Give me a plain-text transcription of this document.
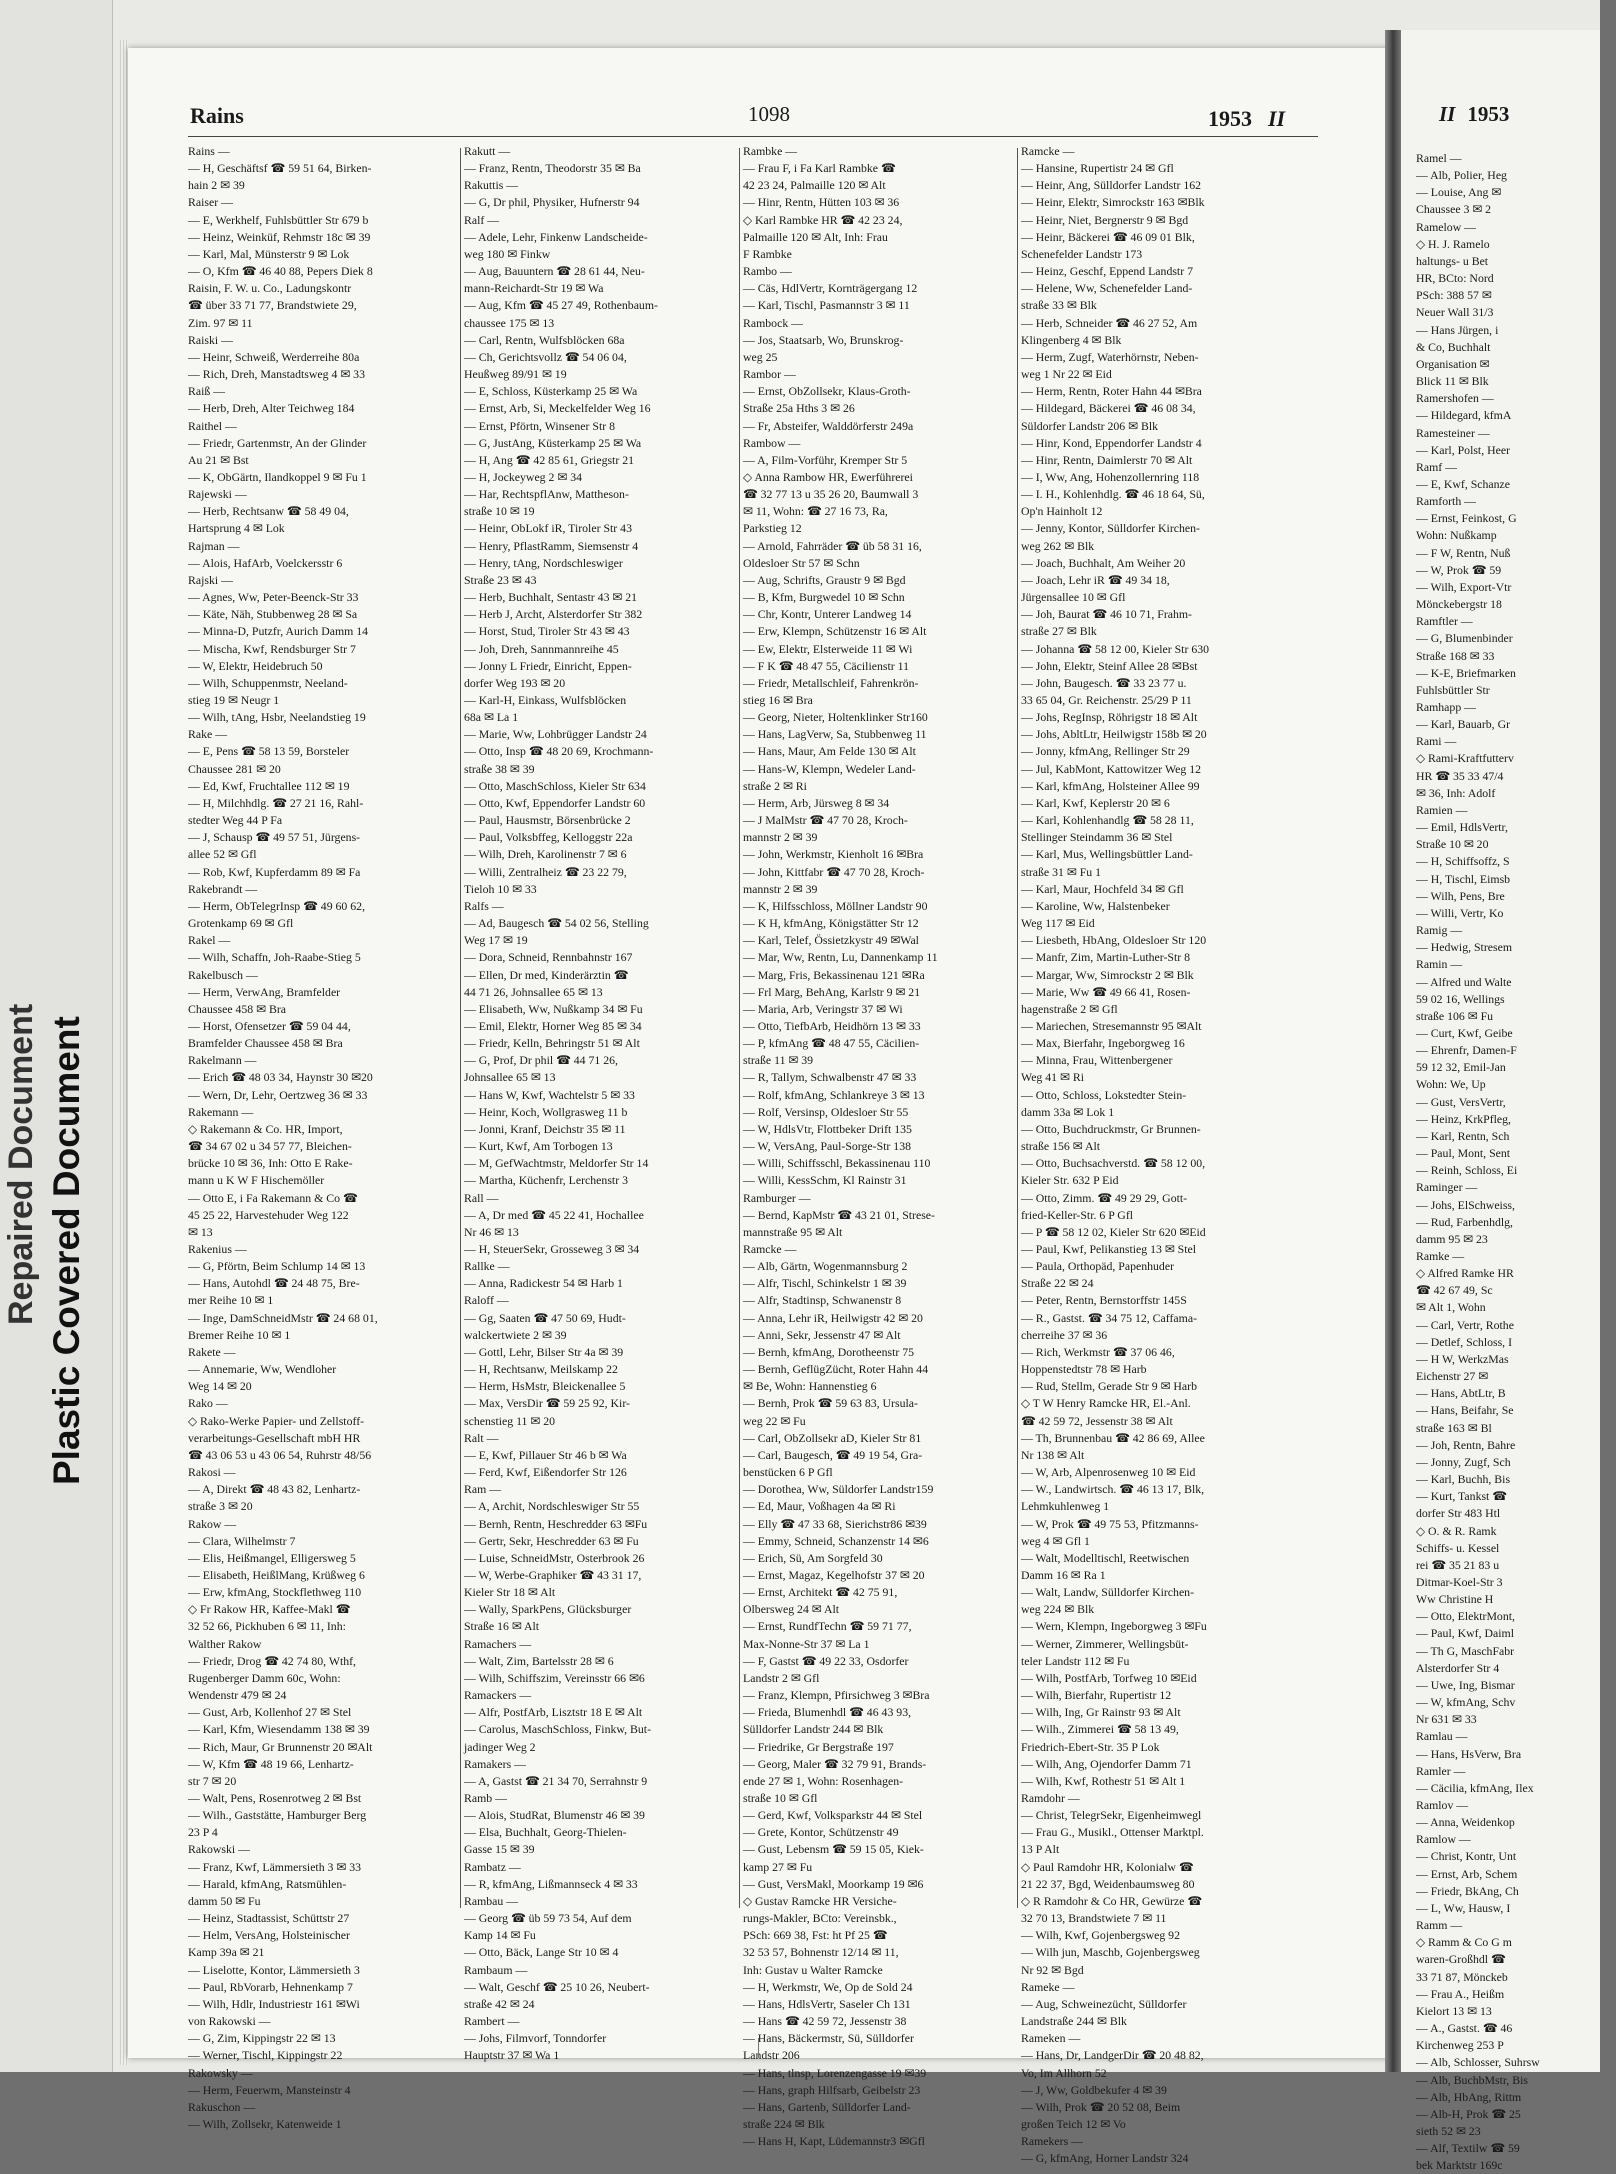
Repaired Document Plastic Covered Document
Rains	1098	1953 II
Rains —
— H, Geschäftsf ☎ 59 51 64, Birken-
hain 2 ✉ 39
Raiser —
— E, Werkhelf, Fuhlsbüttler Str 679 b
— Heinz, Weinküf, Rehmstr 18c ✉ 39
— Karl, Mal, Münsterstr 9 ✉ Lok
— O, Kfm ☎ 46 40 88, Pepers Diek 8
Raisin, F. W. u. Co., Ladungskontr
☎ über 33 71 77, Brandstwiete 29,
Zim. 97 ✉ 11
Raiski —
— Heinr, Schweiß, Werderreihe 80a
— Rich, Dreh, Manstadtsweg 4 ✉ 33
Raiß —
— Herb, Dreh, Alter Teichweg 184
Raithel —
— Friedr, Gartenmstr, An der Glinder
Au 21 ✉ Bst
— K, ObGärtn, Ilandkoppel 9 ✉ Fu 1
Rajewski —
— Herb, Rechtsanw ☎ 58 49 04,
Hartsprung 4 ✉ Lok
Rajman —
— Alois, HafArb, Voelckersstr 6
Rajski —
— Agnes, Ww, Peter-Beenck-Str 33
— Käte, Näh, Stubbenweg 28 ✉ Sa
— Minna-D, Putzfr, Aurich Damm 14
— Mischa, Kwf, Rendsburger Str 7
— W, Elektr, Heidebruch 50
— Wilh, Schuppenmstr, Neeland-
stieg 19 ✉ Neugr 1
— Wilh, tAng, Hsbr, Neelandstieg 19
Rake —
— E, Pens ☎ 58 13 59, Borsteler
Chaussee 281 ✉ 20
— Ed, Kwf, Fruchtallee 112 ✉ 19
— H, Milchhdlg. ☎ 27 21 16, Rahl-
stedter Weg 44 P Fa
— J, Schausp ☎ 49 57 51, Jürgens-
allee 52 ✉ Gfl
— Rob, Kwf, Kupferdamm 89 ✉ Fa
Rakebrandt —
— Herm, ObTelegrInsp ☎ 49 60 62,
Grotenkamp 69 ✉ Gfl
Rakel —
— Wilh, Schaffn, Joh-Raabe-Stieg 5
Rakelbusch —
— Herm, VerwAng, Bramfelder
Chaussee 458 ✉ Bra
— Horst, Ofensetzer ☎ 59 04 44,
Bramfelder Chaussee 458 ✉ Bra
Rakelmann —
— Erich ☎ 48 03 34, Haynstr 30 ✉20
— Wern, Dr, Lehr, Oertzweg 36 ✉ 33
Rakemann —
◇ Rakemann & Co. HR, Import,
☎ 34 67 02 u 34 57 77, Bleichen-
brücke 10 ✉ 36, Inh: Otto E Rake-
mann u K W F Hischemöller
— Otto E, i Fa Rakemann & Co ☎
45 25 22, Harvestehuder Weg 122
✉ 13
Rakenius —
— G, Pförtn, Beim Schlump 14 ✉ 13
— Hans, Autohdl ☎ 24 48 75, Bre-
mer Reihe 10 ✉ 1
— Inge, DamSchneidMstr ☎ 24 68 01,
Bremer Reihe 10 ✉ 1
Rakete —
— Annemarie, Ww, Wendloher
Weg 14 ✉ 20
Rako —
◇ Rako-Werke Papier- und Zellstoff-
verarbeitungs-Gesellschaft mbH HR
☎ 43 06 53 u 43 06 54, Ruhrstr 48/56
Rakosi —
— A, Direkt ☎ 48 43 82, Lenhartz-
straße 3 ✉ 20
Rakow —
— Clara, Wilhelmstr 7
— Elis, Heißmangel, Elligersweg 5
— Elisabeth, HeißlMang, Krüßweg 6
— Erw, kfmAng, Stockflethweg 110
◇ Fr Rakow HR, Kaffee-Makl ☎
32 52 66, Pickhuben 6 ✉ 11, Inh:
Walther Rakow
— Friedr, Drog ☎ 42 74 80, Wthf,
Rugenberger Damm 60c, Wohn:
Wendenstr 479 ✉ 24
— Gust, Arb, Kollenhof 27 ✉ Stel
— Karl, Kfm, Wiesendamm 138 ✉ 39
— Rich, Maur, Gr Brunnenstr 20 ✉Alt
— W, Kfm ☎ 48 19 66, Lenhartz-
str 7 ✉ 20
— Walt, Pens, Rosenrotweg 2 ✉ Bst
— Wilh., Gaststätte, Hamburger Berg
23 P 4
Rakowski —
— Franz, Kwf, Lämmersieth 3 ✉ 33
— Harald, kfmAng, Ratsmühlen-
damm 50 ✉ Fu
— Heinz, Stadtassist, Schüttstr 27
— Helm, VersAng, Holsteinischer
Kamp 39a ✉ 21
— Liselotte, Kontor, Lämmersieth 3
— Paul, RbVorarb, Hehnenkamp 7
— Wilh, Hdlr, Industriestr 161 ✉Wi
von Rakowski —
— G, Zim, Kippingstr 22 ✉ 13
— Werner, Tischl, Kippingstr 22
Rakowsky —
— Herm, Feuerwm, Mansteinstr 4
Rakuschon —
— Wilh, Zollsekr, Katenweide 1
Rakutt —
— Franz, Rentn, Theodorstr 35 ✉ Ba
Rakuttis —
— G, Dr phil, Physiker, Hufnerstr 94
Ralf —
— Adele, Lehr, Finkenw Landscheide-
weg 180 ✉ Finkw
— Aug, Bauuntern ☎ 28 61 44, Neu-
mann-Reichardt-Str 19 ✉ Wa
— Aug, Kfm ☎ 45 27 49, Rothenbaum-
chaussee 175 ✉ 13
— Carl, Rentn, Wulfsblöcken 68a
— Ch, Gerichtsvollz ☎ 54 06 04,
Heußweg 89/91 ✉ 19
— E, Schloss, Küsterkamp 25 ✉ Wa
— Ernst, Arb, Si, Meckelfelder Weg 16
— Ernst, Pförtn, Winsener Str 8
— G, JustAng, Küsterkamp 25 ✉ Wa
— H, Ang ☎ 42 85 61, Griegstr 21
— H, Jockeyweg 2 ✉ 34
— Har, RechtspflAnw, Mattheson-
straße 10 ✉ 19
— Heinr, ObLokf iR, Tiroler Str 43
— Henry, PflastRamm, Siemsenstr 4
— Henry, tAng, Nordschleswiger
Straße 23 ✉ 43
— Herb, Buchhalt, Sentastr 43 ✉ 21
— Herb J, Archt, Alsterdorfer Str 382
— Horst, Stud, Tiroler Str 43 ✉ 43
— Joh, Dreh, Sannmannreihe 45
— Jonny L Friedr, Einricht, Eppen-
dorfer Weg 193 ✉ 20
— Karl-H, Einkass, Wulfsblöcken
68a ✉ La 1
— Marie, Ww, Lohbrügger Landstr 24
— Otto, Insp ☎ 48 20 69, Krochmann-
straße 38 ✉ 39
— Otto, MaschSchloss, Kieler Str 634
— Otto, Kwf, Eppendorfer Landstr 60
— Paul, Hausmstr, Börsenbrücke 2
— Paul, Volksbffeg, Kelloggstr 22a
— Wilh, Dreh, Karolinenstr 7 ✉ 6
— Willi, Zentralheiz ☎ 23 22 79,
Tieloh 10 ✉ 33
Ralfs —
— Ad, Baugesch ☎ 54 02 56, Stelling
Weg 17 ✉ 19
— Dora, Schneid, Rennbahnstr 167
— Ellen, Dr med, Kinderärztin ☎
44 71 26, Johnsallee 65 ✉ 13
— Elisabeth, Ww, Nußkamp 34 ✉ Fu
— Emil, Elektr, Horner Weg 85 ✉ 34
— Friedr, Kelln, Behringstr 51 ✉ Alt
— G, Prof, Dr phil ☎ 44 71 26,
Johnsallee 65 ✉ 13
— Hans W, Kwf, Wachtelstr 5 ✉ 33
— Heinr, Koch, Wollgrasweg 11 b
— Jonni, Kranf, Deichstr 35 ✉ 11
— Kurt, Kwf, Am Torbogen 13
— M, GefWachtmstr, Meldorfer Str 14
— Martha, Küchenfr, Lerchenstr 3
Rall —
— A, Dr med ☎ 45 22 41, Hochallee
Nr 46 ✉ 13
— H, SteuerSekr, Grosseweg 3 ✉ 34
Rallke —
— Anna, Radickestr 54 ✉ Harb 1
Raloff —
— Gg, Saaten ☎ 47 50 69, Hudt-
walckertwiete 2 ✉ 39
— Gottl, Lehr, Bilser Str 4a ✉ 39
— H, Rechtsanw, Meilskamp 22
— Herm, HsMstr, Bleickenallee 5
— Max, VersDir ☎ 59 25 92, Kir-
schenstieg 11 ✉ 20
Ralt —
— E, Kwf, Pillauer Str 46 b ✉ Wa
— Ferd, Kwf, Eißendorfer Str 126
Ram —
— A, Archit, Nordschleswiger Str 55
— Bernh, Rentn, Heschredder 63 ✉Fu
— Gertr, Sekr, Heschredder 63 ✉ Fu
— Luise, SchneidMstr, Osterbrook 26
— W, Werbe-Graphiker ☎ 43 31 17,
Kieler Str 18 ✉ Alt
— Wally, SparkPens, Glücksburger
Straße 16 ✉ Alt
Ramachers —
— Walt, Zim, Bartelsstr 28 ✉ 6
— Wilh, Schiffszim, Vereinsstr 66 ✉6
Ramackers —
— Alfr, PostfArb, Lisztstr 18 E ✉ Alt
— Carolus, MaschSchloss, Finkw, But-
jadinger Weg 2
Ramakers —
— A, Gastst ☎ 21 34 70, Serrahnstr 9
Ramb —
— Alois, StudRat, Blumenstr 46 ✉ 39
— Elsa, Buchhalt, Georg-Thielen-
Gasse 15 ✉ 39
Rambatz —
— R, kfmAng, Lißmannseck 4 ✉ 33
Rambau —
— Georg ☎ üb 59 73 54, Auf dem
Kamp 14 ✉ Fu
— Otto, Bäck, Lange Str 10 ✉ 4
Rambaum —
— Walt, Geschf ☎ 25 10 26, Neubert-
straße 42 ✉ 24
Rambert —
— Johs, Filmvorf, Tonndorfer
Hauptstr 37 ✉ Wa 1
Rambke —
— Frau F, i Fa Karl Rambke ☎
42 23 24, Palmaille 120 ✉ Alt
— Hinr, Rentn, Hütten 103 ✉ 36
◇ Karl Rambke HR ☎ 42 23 24,
Palmaille 120 ✉ Alt, Inh: Frau
F Rambke
Rambo —
— Cäs, HdlVertr, Kornträgergang 12
— Karl, Tischl, Pasmannstr 3 ✉ 11
Rambock —
— Jos, Staatsarb, Wo, Brunskrog-
weg 25
Rambor —
— Ernst, ObZollsekr, Klaus-Groth-
Straße 25a Hths 3 ✉ 26
— Fr, Absteifer, Walddörferstr 249a
Rambow —
— A, Film-Vorführ, Kremper Str 5
◇ Anna Rambow HR, Ewerführerei
☎ 32 77 13 u 35 26 20, Baumwall 3
✉ 11, Wohn: ☎ 27 16 73, Ra,
Parkstieg 12
— Arnold, Fahrräder ☎ üb 58 31 16,
Oldesloer Str 57 ✉ Schn
— Aug, Schrifts, Graustr 9 ✉ Bgd
— B, Kfm, Burgwedel 10 ✉ Schn
— Chr, Kontr, Unterer Landweg 14
— Erw, Klempn, Schützenstr 16 ✉ Alt
— Ew, Elektr, Elsterweide 11 ✉ Wi
— F K ☎ 48 47 55, Cäcilienstr 11
— Friedr, Metallschleif, Fahrenkrön-
stieg 16 ✉ Bra
— Georg, Nieter, Holtenklinker Str160
— Hans, LagVerw, Sa, Stubbenweg 11
— Hans, Maur, Am Felde 130 ✉ Alt
— Hans-W, Klempn, Wedeler Land-
straße 2 ✉ Ri
— Herm, Arb, Jürsweg 8 ✉ 34
— J MalMstr ☎ 47 70 28, Kroch-
mannstr 2 ✉ 39
— John, Werkmstr, Kienholt 16 ✉Bra
— John, Kittfabr ☎ 47 70 28, Kroch-
mannstr 2 ✉ 39
— K, Hilfsschloss, Möllner Landstr 90
— K H, kfmAng, Königstätter Str 12
— Karl, Telef, Össietzkystr 49 ✉Wal
— Mar, Ww, Rentn, Lu, Dannenkamp 11
— Marg, Fris, Bekassinenau 121 ✉Ra
— Frl Marg, BehAng, Karlstr 9 ✉ 21
— Maria, Arb, Veringstr 37 ✉ Wi
— Otto, TiefbArb, Heidhörn 13 ✉ 33
— P, kfmAng ☎ 48 47 55, Cäcilien-
straße 11 ✉ 39
— R, Tallym, Schwalbenstr 47 ✉ 33
— Rolf, kfmAng, Schlankreye 3 ✉ 13
— Rolf, Versinsp, Oldesloer Str 55
— W, HdlsVtr, Flottbeker Drift 135
— W, VersAng, Paul-Sorge-Str 138
— Willi, Schiffsschl, Bekassinenau 110
— Willi, KessSchm, Kl Rainstr 31
Ramburger —
— Bernd, KapMstr ☎ 43 21 01, Strese-
mannstraße 95 ✉ Alt
Ramcke —
— Alb, Gärtn, Wogenmannsburg 2
— Alfr, Tischl, Schinkelstr 1 ✉ 39
— Alfr, Stadtinsp, Schwanenstr 8
— Anna, Lehr iR, Heilwigstr 42 ✉ 20
— Anni, Sekr, Jessenstr 47 ✉ Alt
— Bernh, kfmAng, Dorotheenstr 75
— Bernh, GeflügZücht, Roter Hahn 44
✉ Be, Wohn: Hannenstieg 6
— Bernh, Prok ☎ 59 63 83, Ursula-
weg 22 ✉ Fu
— Carl, ObZollsekr aD, Kieler Str 81
— Carl, Baugesch, ☎ 49 19 54, Gra-
benstücken 6 P Gfl
— Dorothea, Ww, Süldorfer Landstr159
— Ed, Maur, Voßhagen 4a ✉ Ri
— Elly ☎ 47 33 68, Sierichstr86 ✉39
— Emmy, Schneid, Schanzenstr 14 ✉6
— Erich, Sü, Am Sorgfeld 30
— Ernst, Magaz, Kegelhofstr 37 ✉ 20
— Ernst, Architekt ☎ 42 75 91,
Olbersweg 24 ✉ Alt
— Ernst, RundfTechn ☎ 59 71 77,
Max-Nonne-Str 37 ✉ La 1
— F, Gastst ☎ 49 22 33, Osdorfer
Landstr 2 ✉ Gfl
— Franz, Klempn, Pfirsichweg 3 ✉Bra
— Frieda, Blumenhdl ☎ 46 43 93,
Sülldorfer Landstr 244 ✉ Blk
— Friedrike, Gr Bergstraße 197
— Georg, Maler ☎ 32 79 91, Brands-
ende 27 ✉ 1, Wohn: Rosenhagen-
straße 10 ✉ Gfl
— Gerd, Kwf, Volksparkstr 44 ✉ Stel
— Grete, Kontor, Schützenstr 49
— Gust, Lebensm ☎ 59 15 05, Kiek-
kamp 27 ✉ Fu
— Gust, VersMakl, Moorkamp 19 ✉6
◇ Gustav Ramcke HR Versiche-
rungs-Makler, BCto: Vereinsbk.,
PSch: 669 38, Fst: ht Pf 25 ☎
32 53 57, Bohnenstr 12/14 ✉ 11,
Inh: Gustav u Walter Ramcke
— H, Werkmstr, We, Op de Sold 24
— Hans, HdlsVertr, Saseler Ch 131
— Hans ☎ 42 59 72, Jessenstr 38
— Hans, Bäckermstr, Sü, Sülldorfer
Landstr 206
— Hans, tlnsp, Lorenzengasse 19 ✉39
— Hans, graph Hilfsarb, Geibelstr 23
— Hans, Gartenb, Sülldorfer Land-
straße 224 ✉ Blk
— Hans H, Kapt, Lüdemannstr3 ✉Gfl
Ramcke —
— Hansine, Rupertistr 24 ✉ Gfl
— Heinr, Ang, Sülldorfer Landstr 162
— Heinr, Elektr, Simrockstr 163 ✉Blk
— Heinr, Niet, Bergnerstr 9 ✉ Bgd
— Heinr, Bäckerei ☎ 46 09 01 Blk,
Schenefelder Landstr 173
— Heinz, Geschf, Eppend Landstr 7
— Helene, Ww, Schenefelder Land-
straße 33 ✉ Blk
— Herb, Schneider ☎ 46 27 52, Am
Klingenberg 4 ✉ Blk
— Herm, Zugf, Waterhörnstr, Neben-
weg 1 Nr 22 ✉ Eid
— Herm, Rentn, Roter Hahn 44 ✉Bra
— Hildegard, Bäckerei ☎ 46 08 34,
Süldorfer Landstr 206 ✉ Blk
— Hinr, Kond, Eppendorfer Landstr 4
— Hinr, Rentn, Daimlerstr 70 ✉ Alt
— I, Ww, Ang, Hohenzollernring 118
— I. H., Kohlenhdlg. ☎ 46 18 64, Sü,
Op'n Hainholt 12
— Jenny, Kontor, Sülldorfer Kirchen-
weg 262 ✉ Blk
— Joach, Buchhalt, Am Weiher 20
— Joach, Lehr iR ☎ 49 34 18,
Jürgensallee 10 ✉ Gfl
— Joh, Baurat ☎ 46 10 71, Frahm-
straße 27 ✉ Blk
— Johanna ☎ 58 12 00, Kieler Str 630
— John, Elektr, Steinf Allee 28 ✉Bst
— John, Baugesch. ☎ 33 23 77 u.
33 65 04, Gr. Reichenstr. 25/29 P 11
— Johs, RegInsp, Röhrigstr 18 ✉ Alt
— Johs, AbltLtr, Heilwigstr 158b ✉ 20
— Jonny, kfmAng, Rellinger Str 29
— Jul, KabMont, Kattowitzer Weg 12
— Karl, kfmAng, Holsteiner Allee 99
— Karl, Kwf, Keplerstr 20 ✉ 6
— Karl, Kohlenhandlg ☎ 58 28 11,
Stellinger Steindamm 36 ✉ Stel
— Karl, Mus, Wellingsbüttler Land-
straße 31 ✉ Fu 1
— Karl, Maur, Hochfeld 34 ✉ Gfl
— Karoline, Ww, Halstenbeker
Weg 117 ✉ Eid
— Liesbeth, HbAng, Oldesloer Str 120
— Manfr, Zim, Martin-Luther-Str 8
— Margar, Ww, Simrockstr 2 ✉ Blk
— Marie, Ww ☎ 49 66 41, Rosen-
hagenstraße 2 ✉ Gfl
— Mariechen, Stresemannstr 95 ✉Alt
— Max, Bierfahr, Ingeborgweg 16
— Minna, Frau, Wittenbergener
Weg 41 ✉ Ri
— Otto, Schloss, Lokstedter Stein-
damm 33a ✉ Lok 1
— Otto, Buchdruckmstr, Gr Brunnen-
straße 156 ✉ Alt
— Otto, Buchsachverstd. ☎ 58 12 00,
Kieler Str. 632 P Eid
— Otto, Zimm. ☎ 49 29 29, Gott-
fried-Keller-Str. 6 P Gfl
— P ☎ 58 12 02, Kieler Str 620 ✉Eid
— Paul, Kwf, Pelikanstieg 13 ✉ Stel
— Paula, Orthopäd, Papenhuder
Straße 22 ✉ 24
— Peter, Rentn, Bernstorffstr 145S
— R., Gastst. ☎ 34 75 12, Caffama-
cherreihe 37 ✉ 36
— Rich, Werkmstr ☎ 37 06 46,
Hoppenstedtstr 78 ✉ Harb
— Rud, Stellm, Gerade Str 9 ✉ Harb
◇ T W Henry Ramcke HR, El.-Anl.
☎ 42 59 72, Jessenstr 38 ✉ Alt
— Th, Brunnenbau ☎ 42 86 69, Allee
Nr 138 ✉ Alt
— W, Arb, Alpenrosenweg 10 ✉ Eid
— W., Landwirtsch. ☎ 46 13 17, Blk,
Lehmkuhlenweg 1
— W, Prok ☎ 49 75 53, Pfitzmanns-
weg 4 ✉ Gfl 1
— Walt, Modelltischl, Reetwischen
Damm 16 ✉ Ra 1
— Walt, Landw, Sülldorfer Kirchen-
weg 224 ✉ Blk
— Wern, Klempn, Ingeborgweg 3 ✉Fu
— Werner, Zimmerer, Wellingsbüt-
teler Landstr 112 ✉ Fu
— Wilh, PostfArb, Torfweg 10 ✉Eid
— Wilh, Bierfahr, Rupertistr 12
— Wilh, Ing, Gr Rainstr 93 ✉ Alt
— Wilh., Zimmerei ☎ 58 13 49,
Friedrich-Ebert-Str. 35 P Lok
— Wilh, Ang, Ojendorfer Damm 71
— Wilh, Kwf, Rothestr 51 ✉ Alt 1
Ramdohr —
— Christ, TelegrSekr, Eigenheimwegl
— Frau G., Musikl., Ottenser Marktpl.
13 P Alt
◇ Paul Ramdohr HR, Kolonialw ☎
21 22 37, Bgd, Weidenbaumsweg 80
◇ R Ramdohr & Co HR, Gewürze ☎
32 70 13, Brandstwiete 7 ✉ 11
— Wilh, Kwf, Gojenbergsweg 92
— Wilh jun, Maschb, Gojenbergsweg
Nr 92 ✉ Bgd
Rameke —
— Aug, Schweinezücht, Sülldorfer
Landstraße 244 ✉ Blk
Rameken —
— Hans, Dr, LandgerDir ☎ 20 48 82,
Vo, Im Allhorn 52
— J, Ww, Goldbekufer 4 ✉ 39
— Wilh, Prok ☎ 20 52 08, Beim
großen Teich 12 ✉ Vo
Ramekers —
— G, kfmAng, Horner Landstr 324
II 1953
Ramel —
— Alb, Polier, Heg
— Louise, Ang ✉
Chaussee 3 ✉ 2
Ramelow —
◇ H. J. Ramelo
haltungs- u Bet
HR, BCto: Nord
PSch: 388 57 ✉
Neuer Wall 31/3
— Hans Jürgen, i
& Co, Buchhalt
Organisation ✉
Blick 11 ✉ Blk
Ramershofen —
— Hildegard, kfmA
Ramesteiner —
— Karl, Polst, Heer
Ramf —
— E, Kwf, Schanze
Ramforth —
— Ernst, Feinkost, G
Wohn: Nußkamp
— F W, Rentn, Nuß
— W, Prok ☎ 59
— Wilh, Export-Vtr
Mönckebergstr 18
Ramftler —
— G, Blumenbinder
Straße 168 ✉ 33
— K-E, Briefmarken
Fuhlsbüttler Str
Ramhapp —
— Karl, Bauarb, Gr
Rami —
◇ Rami-Kraftfutterv
HR ☎ 35 33 47/4
✉ 36, Inh: Adolf
Ramien —
— Emil, HdlsVertr,
Straße 10 ✉ 20
— H, Schiffsoffz, S
— H, Tischl, Eimsb
— Wilh, Pens, Bre
— Willi, Vertr, Ko
Ramig —
— Hedwig, Stresem
Ramin —
— Alfred und Walte
59 02 16, Wellings
straße 106 ✉ Fu
— Curt, Kwf, Geibe
— Ehrenfr, Damen-F
59 12 32, Emil-Jan
Wohn: We, Up
— Gust, VersVertr,
— Heinz, KrkPfleg,
— Karl, Rentn, Sch
— Paul, Mont, Sent
— Reinh, Schloss, Ei
Raminger —
— Johs, ElSchweiss,
— Rud, Farbenhdlg,
damm 95 ✉ 23
Ramke —
◇ Alfred Ramke HR
☎ 42 67 49, Sc
✉ Alt 1, Wohn
— Carl, Vertr, Rothe
— Detlef, Schloss, I
— H W, WerkzMas
Eichenstr 27 ✉
— Hans, AbtLtr, B
— Hans, Beifahr, Se
straße 163 ✉ Bl
— Joh, Rentn, Bahre
— Jonny, Zugf, Sch
— Karl, Buchh, Bis
— Kurt, Tankst ☎
dorfer Str 483 Htl
◇ O. & R. Ramk
Schiffs- u. Kessel
rei ☎ 35 21 83 u
Ditmar-Koel-Str 3
Ww Christine H
— Otto, ElektrMont,
— Paul, Kwf, Daiml
— Th G, MaschFabr
Alsterdorfer Str 4
— Uwe, Ing, Bismar
— W, kfmAng, Schv
Nr 631 ✉ 33
Ramlau —
— Hans, HsVerw, Bra
Ramler —
— Cäcilia, kfmAng, Ilex
Ramlov —
— Anna, Weidenkop
Ramlow —
— Christ, Kontr, Unt
— Ernst, Arb, Schem
— Friedr, BkAng, Ch
— L, Ww, Hausw, I
Ramm —
◇ Ramm & Co G m
waren-Großhdl ☎
33 71 87, Mönckeb
— Frau A., Heißm
Kielort 13 ✉ 13
— A., Gastst. ☎ 46
Kirchenweg 253 P
— Alb, Schlosser, Suhrsw
— Alb, BuchbMstr, Bis
— Alb, HbAng, Rittm
— Alb-H, Prok ☎ 25
sieth 52 ✉ 23
— Alf, Textilw ☎ 59
bek Marktstr 169c
